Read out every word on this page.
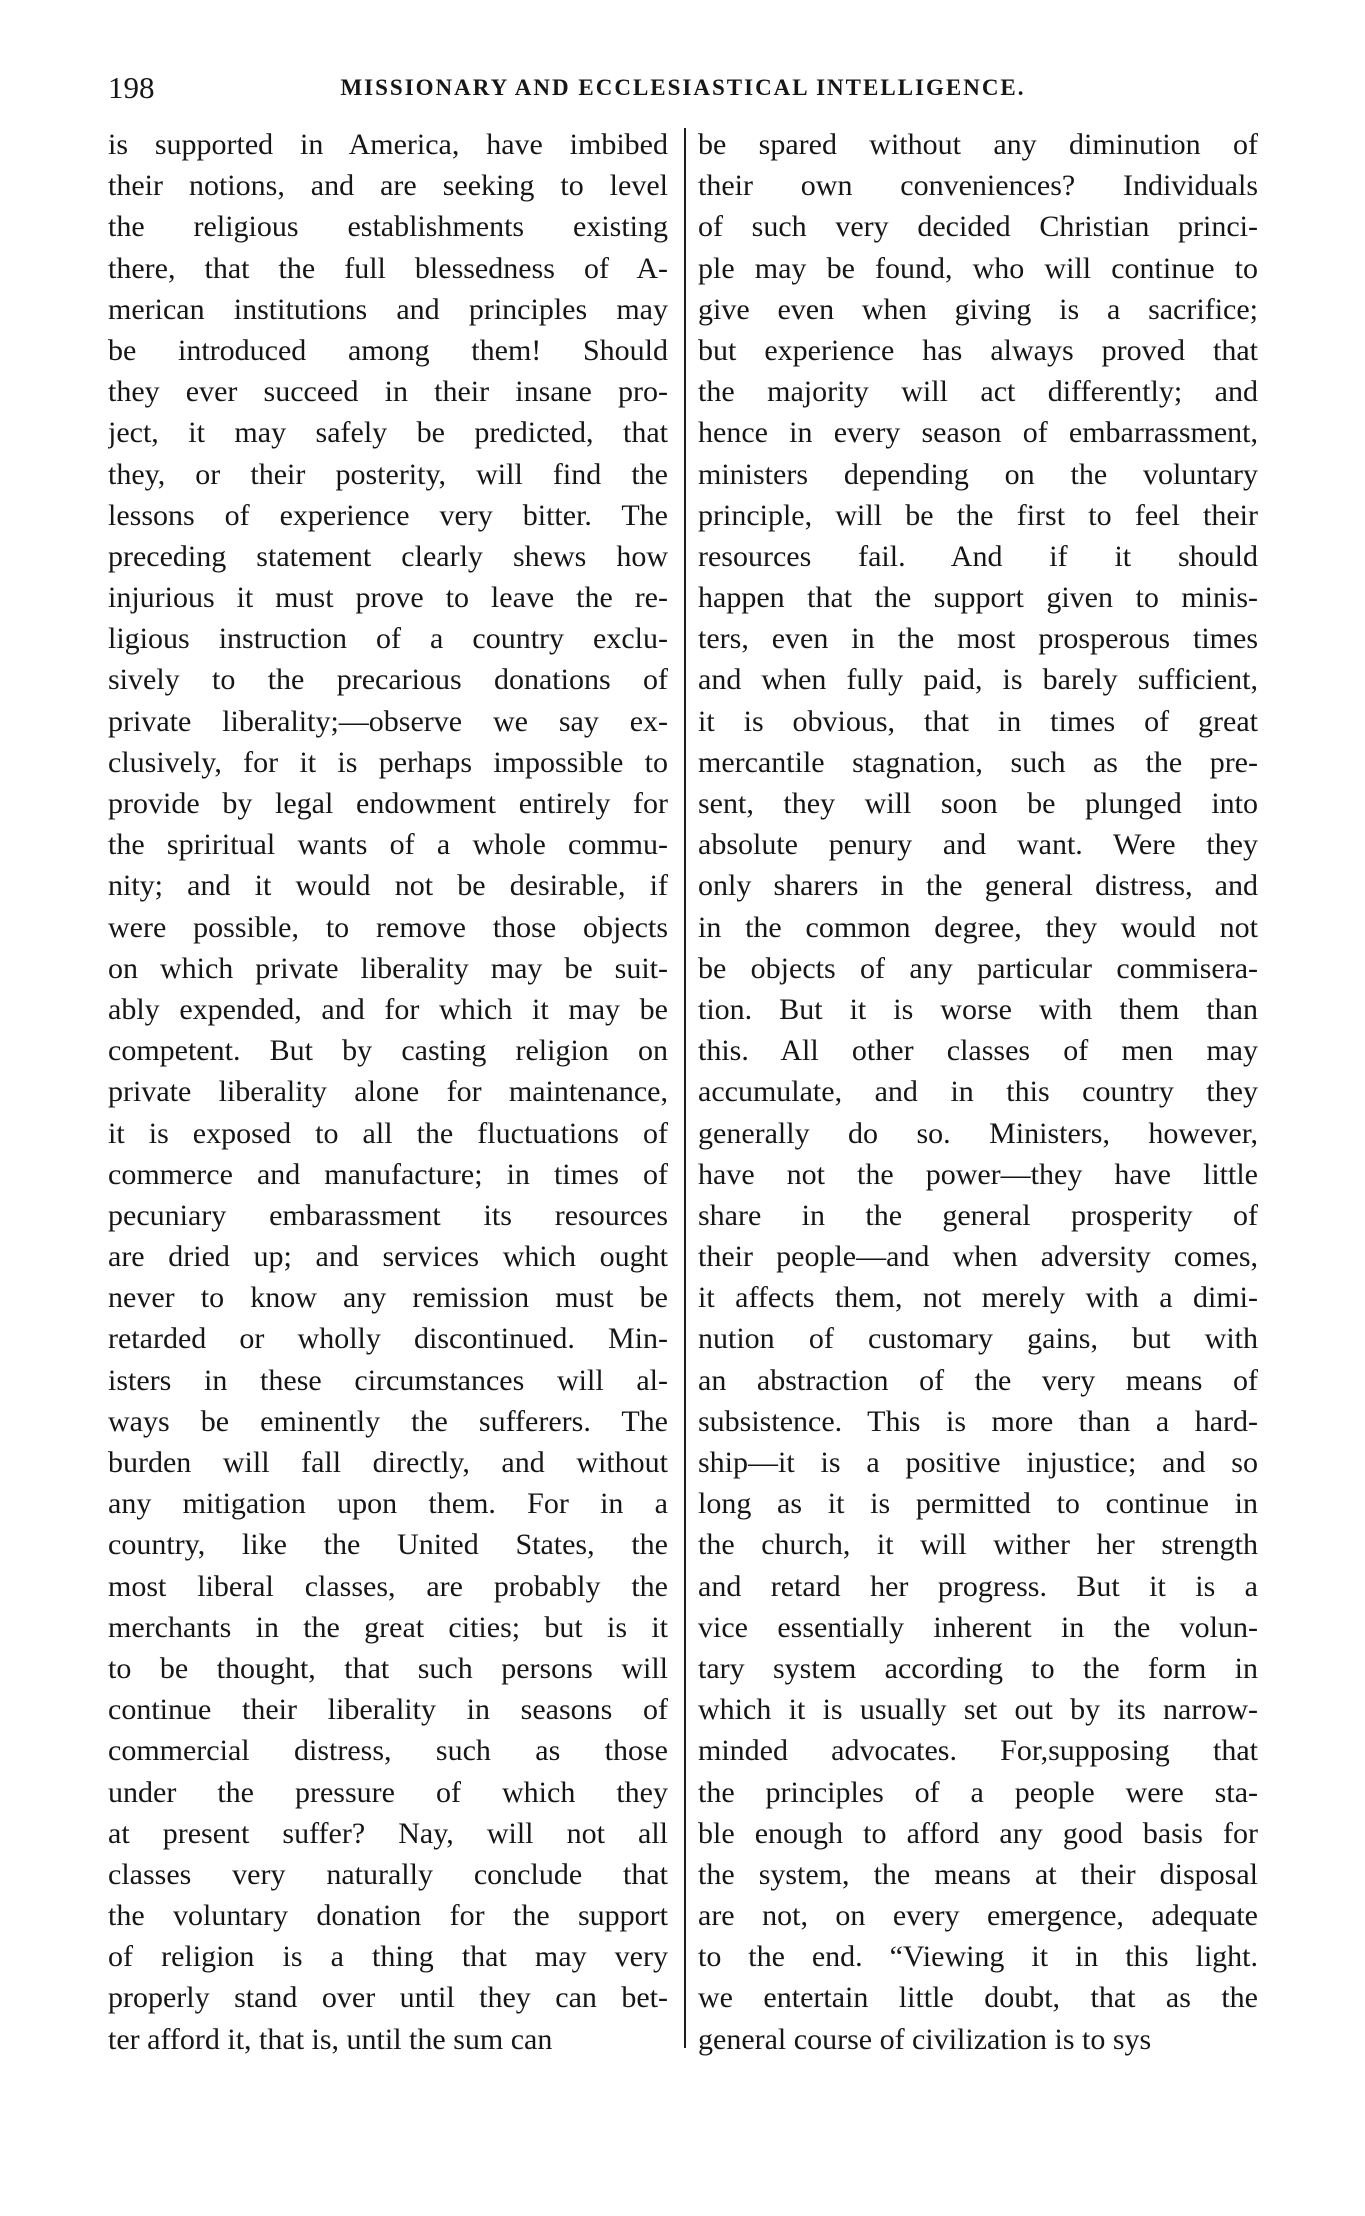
198	MISSIONARY AND ECCLESIASTICAL INTELLIGENCE.
is supported in America, have imbibed
their notions, and are seeking to level
the religious establishments existing
there, that the full blessedness of A-
merican institutions and principles may
be introduced among them! Should
they ever succeed in their insane pro-
ject, it may safely be predicted, that
they, or their posterity, will find the
lessons of experience very bitter. The
preceding statement clearly shews how
injurious it must prove to leave the re-
ligious instruction of a country exclu-
sively to the precarious donations of
private liberality;—observe we say ex-
clusively, for it is perhaps impossible to
provide by legal endowment entirely for
the spriritual wants of a whole commu-
nity; and it would not be desirable, if
were possible, to remove those objects
on which private liberality may be suit-
ably expended, and for which it may be
competent. But by casting religion on
private liberality alone for maintenance,
it is exposed to all the fluctuations of
commerce and manufacture; in times of
pecuniary embarassment its resources
are dried up; and services which ought
never to know any remission must be
retarded or wholly discontinued. Min-
isters in these circumstances will al-
ways be eminently the sufferers. The
burden will fall directly, and without
any mitigation upon them. For in a
country, like the United States, the
most liberal classes, are probably the
merchants in the great cities; but is it
to be thought, that such persons will
continue their liberality in seasons of
commercial distress, such as those
under the pressure of which they
at present suffer? Nay, will not all
classes very naturally conclude that
the voluntary donation for the support
of religion is a thing that may very
properly stand over until they can bet-
ter afford it, that is, until the sum can
be spared without any diminution of
their own conveniences? Individuals
of such very decided Christian princi-
ple may be found, who will continue to
give even when giving is a sacrifice;
but experience has always proved that
the majority will act differently; and
hence in every season of embarrassment,
ministers depending on the voluntary
principle, will be the first to feel their
resources fail. And if it should
happen that the support given to minis-
ters, even in the most prosperous times
and when fully paid, is barely sufficient,
it is obvious, that in times of great
mercantile stagnation, such as the pre-
sent, they will soon be plunged into
absolute penury and want. Were they
only sharers in the general distress, and
in the common degree, they would not
be objects of any particular commisera-
tion. But it is worse with them than
this. All other classes of men may
accumulate, and in this country they
generally do so. Ministers, however,
have not the power—they have little
share in the general prosperity of
their people—and when adversity comes,
it affects them, not merely with a dimi-
nution of customary gains, but with
an abstraction of the very means of
subsistence. This is more than a hard-
ship—it is a positive injustice; and so
long as it is permitted to continue in
the church, it will wither her strength
and retard her progress. But it is a
vice essentially inherent in the volun-
tary system according to the form in
which it is usually set out by its narrow-
minded advocates. For,supposing that
the principles of a people were sta-
ble enough to afford any good basis for
the system, the means at their disposal
are not, on every emergence, adequate
to the end. “Viewing it in this light.
we entertain little doubt, that as the
general course of civilization is to sys
